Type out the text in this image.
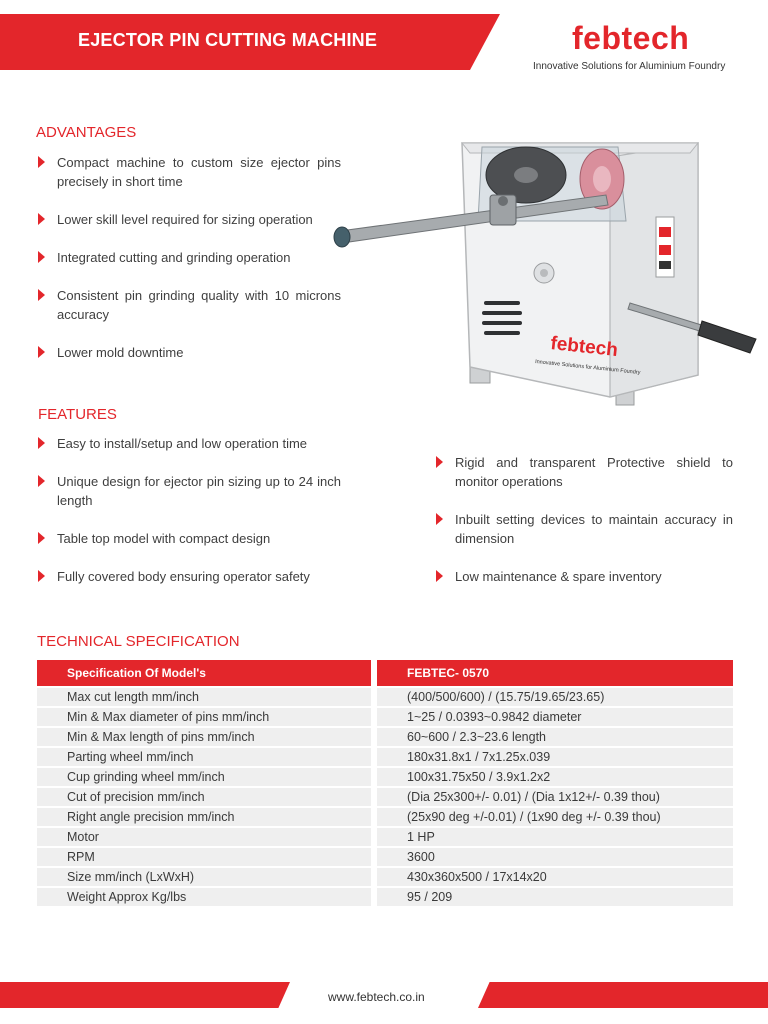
EJECTOR PIN CUTTING MACHINE	febtech
Innovative Solutions for Aluminium Foundry
ADVANTAGES
Compact machine to custom size ejector pins precisely in short time
Lower skill level required for sizing operation
Integrated cutting and grinding operation
Consistent pin grinding quality with 10 microns accuracy
Lower mold downtime	febtech
Innovative Solutions for Aluminium Foundry
FEATURES
Easy to install/setup and low operation time
Unique design for ejector pin sizing up to 24 inch length
Table top model with compact design
Fully covered body ensuring operator safety
Rigid and transparent Protective shield to monitor operations
Inbuilt setting devices to maintain accuracy in dimension
Low maintenance & spare inventory
TECHNICAL SPECIFICATION
Specification Of Model's	FEBTEC- 0570
Max cut length mm/inch	(400/500/600) / (15.75/19.65/23.65)
Min & Max diameter of pins mm/inch	1~25 / 0.0393~0.9842 diameter
Min & Max length of pins mm/inch	60~600 / 2.3~23.6 length
Parting wheel mm/inch	180x31.8x1 / 7x1.25x.039
Cup grinding wheel mm/inch	100x31.75x50 / 3.9x1.2x2
Cut of precision mm/inch	(Dia 25x300+/- 0.01) / (Dia 1x12+/- 0.39 thou)
Right angle precision mm/inch	(25x90 deg +/-0.01) / (1x90 deg +/- 0.39 thou)
Motor	1 HP
RPM	3600
Size mm/inch (LxWxH)	430x360x500 / 17x14x20
Weight Approx Kg/lbs	95 / 209
www.febtech.co.in
